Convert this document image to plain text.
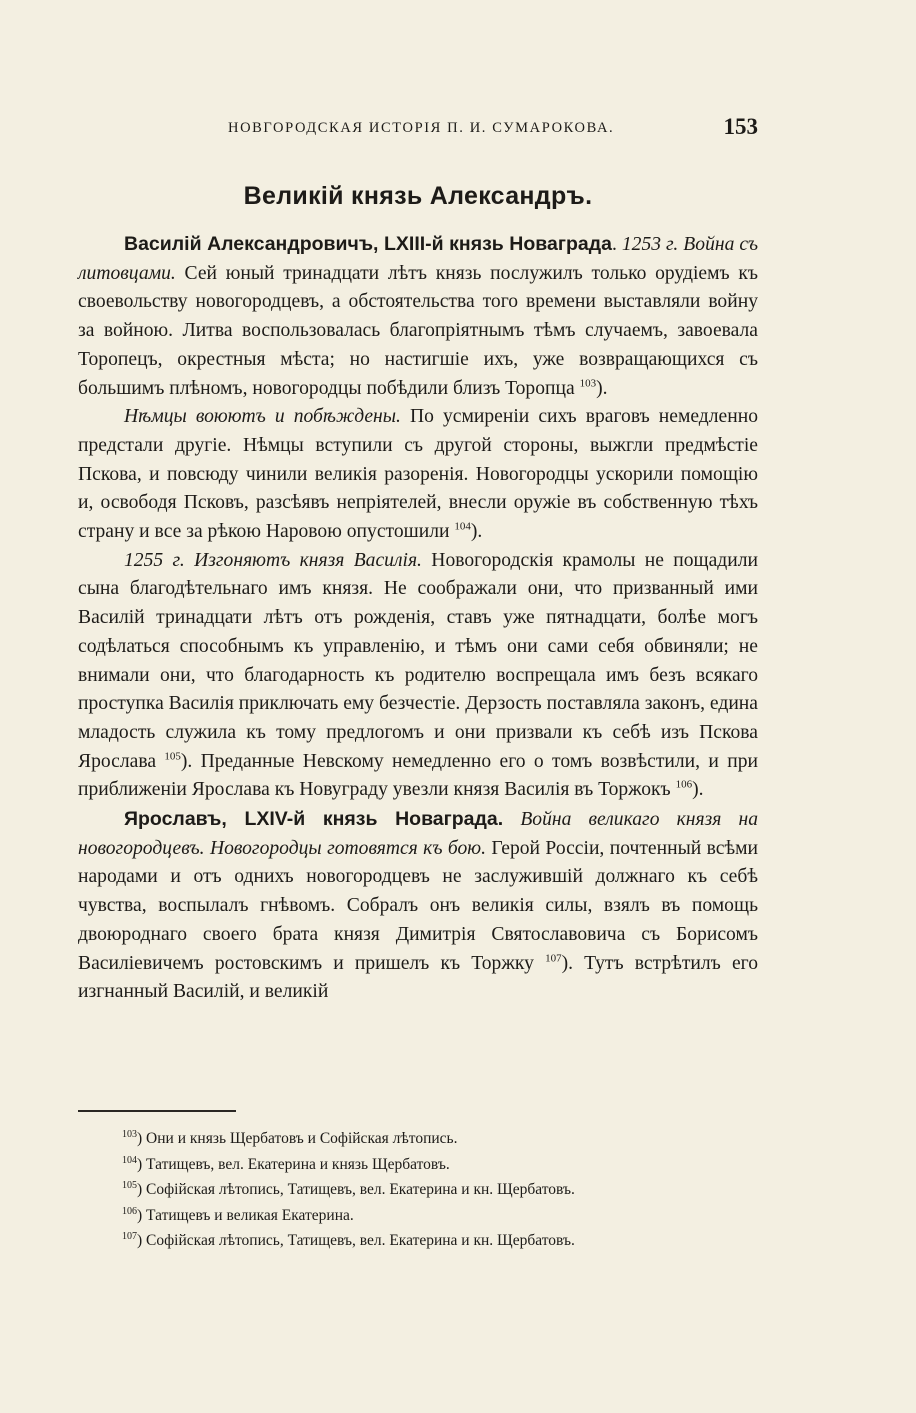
НОВГОРОДСКАЯ ИСТОРІЯ П. И. СУМАРОКОВА.	153
Великій князь Александръ.

Василій Александровичъ, LXIII-й князь Новаграда. 1253 г. Война съ литовцами. Сей юный тринадцати лѣтъ князь послужилъ только орудіемъ къ своевольству новогородцевъ, а обстоятельства того времени выставляли войну за войною. Литва воспользовалась благопріятнымъ тѣмъ случаемъ, завоевала Торопецъ, окрестныя мѣста; но настигшіе ихъ, уже возвращающихся съ большимъ плѣномъ, новогородцы побѣдили близъ Торопца $^{103}$).

Нѣмцы воюютъ и побѣждены. По усмиреніи сихъ враговъ немедленно предстали другіе. Нѣмцы вступили съ другой стороны, выжгли предмѣстіе Пскова, и повсюду чинили великія разоренія. Новогородцы ускорили помощію и, освободя Псковъ, разсѣявъ непріятелей, внесли оружіе въ собственную тѣхъ страну и все за рѣкою Наровою опустошили $^{104}$).

1255 г. Изгоняютъ князя Василія. Новогородскія крамолы не пощадили сына благодѣтельнаго имъ князя. Не соображали они, что призванный ими Василій тринадцати лѣтъ отъ рожденія, ставъ уже пятнадцати, болѣе могъ содѣлаться способнымъ къ управленію, и тѣмъ они сами себя обвиняли; не внимали они, что благодарность къ родителю воспрещала имъ безъ всякаго проступка Василія приключать ему безчестіе. Дерзость поставляла законъ, едина младость служила къ тому предлогомъ и они призвали къ себѣ изъ Пскова Ярослава $^{105}$). Преданные Невскому немедленно его о томъ возвѣстили, и при приближеніи Ярослава къ Новуграду увезли князя Василія въ Торжокъ $^{106}$).

Ярославъ, LXIV-й князь Новаграда. Война великаго князя на новогородцевъ. Новогородцы готовятся къ бою. Герой Россіи, почтенный всѣми народами и отъ однихъ новогородцевъ не заслужившій должнаго къ себѣ чувства, воспылалъ гнѣвомъ. Собралъ онъ великія силы, взялъ въ помощь двоюроднаго своего брата князя Димитрія Святославовича съ Борисомъ Василіевичемъ ростовскимъ и пришелъ къ Торжку $^{107}$). Тутъ встрѣтилъ его изгнанный Василій, и великій

$^{103}$) Они и князь Щербатовъ и Софійская лѣтопись.
$^{104}$) Татищевъ, вел. Екатерина и князь Щербатовъ.
$^{105}$) Софійская лѣтопись, Татищевъ, вел. Екатерина и кн. Щербатовъ.
$^{106}$) Татищевъ и великая Екатерина.
$^{107}$) Софійская лѣтопись, Татищевъ, вел. Екатерина и кн. Щербатовъ.
